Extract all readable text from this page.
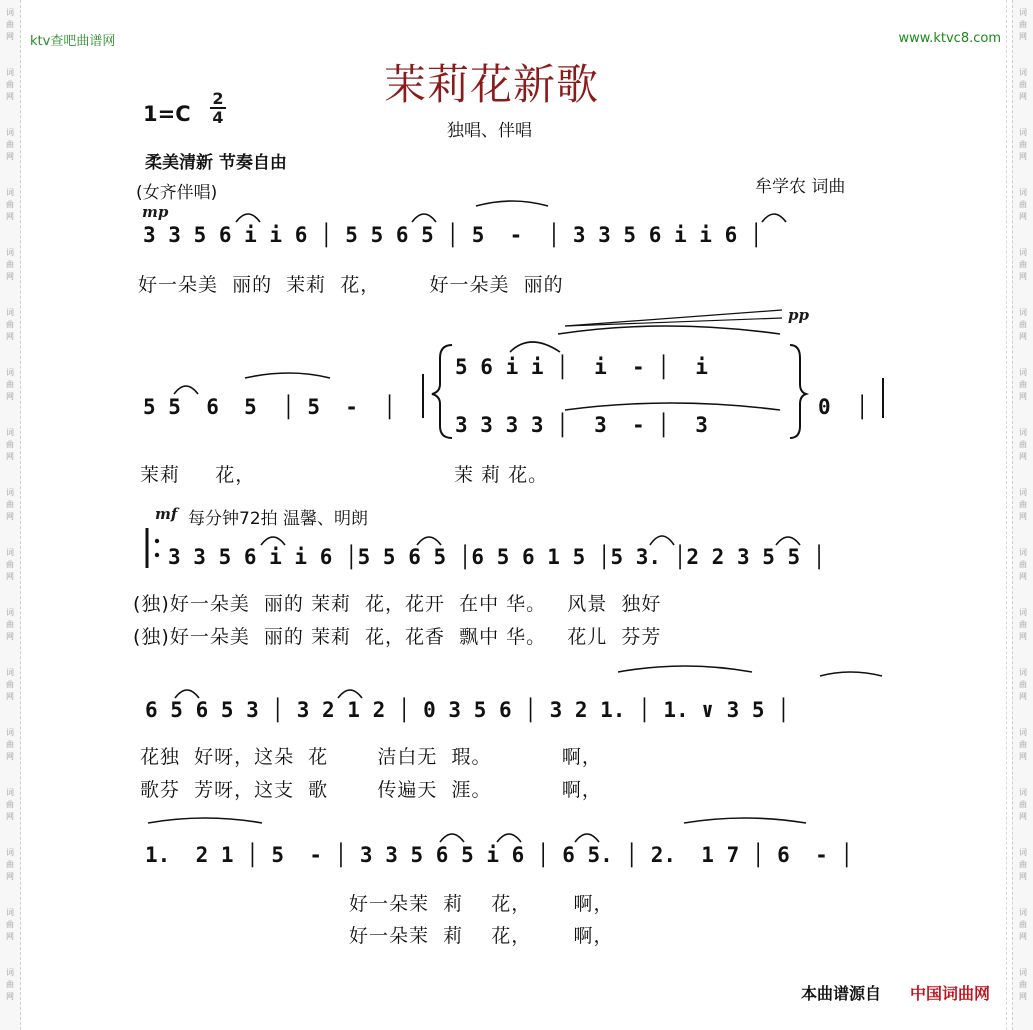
词
曲
网
词
曲
网
词
曲
网
词
曲
网
词
曲
网
词
曲
网
词
曲
网
词
曲
网
词
曲
网
词
曲
网
词
曲
网
词
曲
网
词
曲
网
词
曲
网
词
曲
网
词
曲
网
词
曲
网
词
曲
网
词
曲
网
词
曲
网
词
曲
网
词
曲
网
词
曲
网
词
曲
网
词
曲
网
词
曲
网
词
曲
网
词
曲
网
词
曲
网
词
曲
网
词
曲
网
词
曲
网
词
曲
网
词
曲
网
ktv查吧曲谱网	www.ktvc8.com
茉莉花新歌
1=C
2
4
独唱、伴唱
柔美清新 节奏自由
(女齐伴唱)	牟学农 词曲
mp
pp
mf 每分钟72拍 温馨、明朗
3 3 5 6 i i 6 │ 5 5 6 5 │ 5  -  │ 3 3 5 6 i i 6 │
好一朵美  丽的  茉莉  花，       好一朵美  丽的
5 5  6  5  │ 5  -  │
5 6 i i │  i  - │  i
3 3 3 3 │  3  - │  3
0  │
茉莉     花，	茉 莉 花。
3 3 5 6 i i 6 │5 5 6 5 │6 5 6 1 5 │5 3. │2 2 3 5 5 │
(独)好一朵美  丽的 茉莉  花，花开  在中 华。   风景  独好
(独)好一朵美  丽的 茉莉  花，花香  飘中 华。   花儿  芬芳
6 5 6 5 3 │ 3 2 1 2 │ 0 3 5 6 │ 3 2 1. │ 1. ∨ 3 5 │
花独  好呀，这朵  花       洁白无  瑕。          啊，
歌芬  芳呀，这支  歌       传遍天  涯。          啊，
1.  2 1 │ 5  - │ 3 3 5 6 5 i 6 │ 6 5. │ 2.  1 7 │ 6  - │
好一朵茉  莉    花，      啊，
好一朵茉  莉    花，      啊，
本曲谱源自 中国词曲网
